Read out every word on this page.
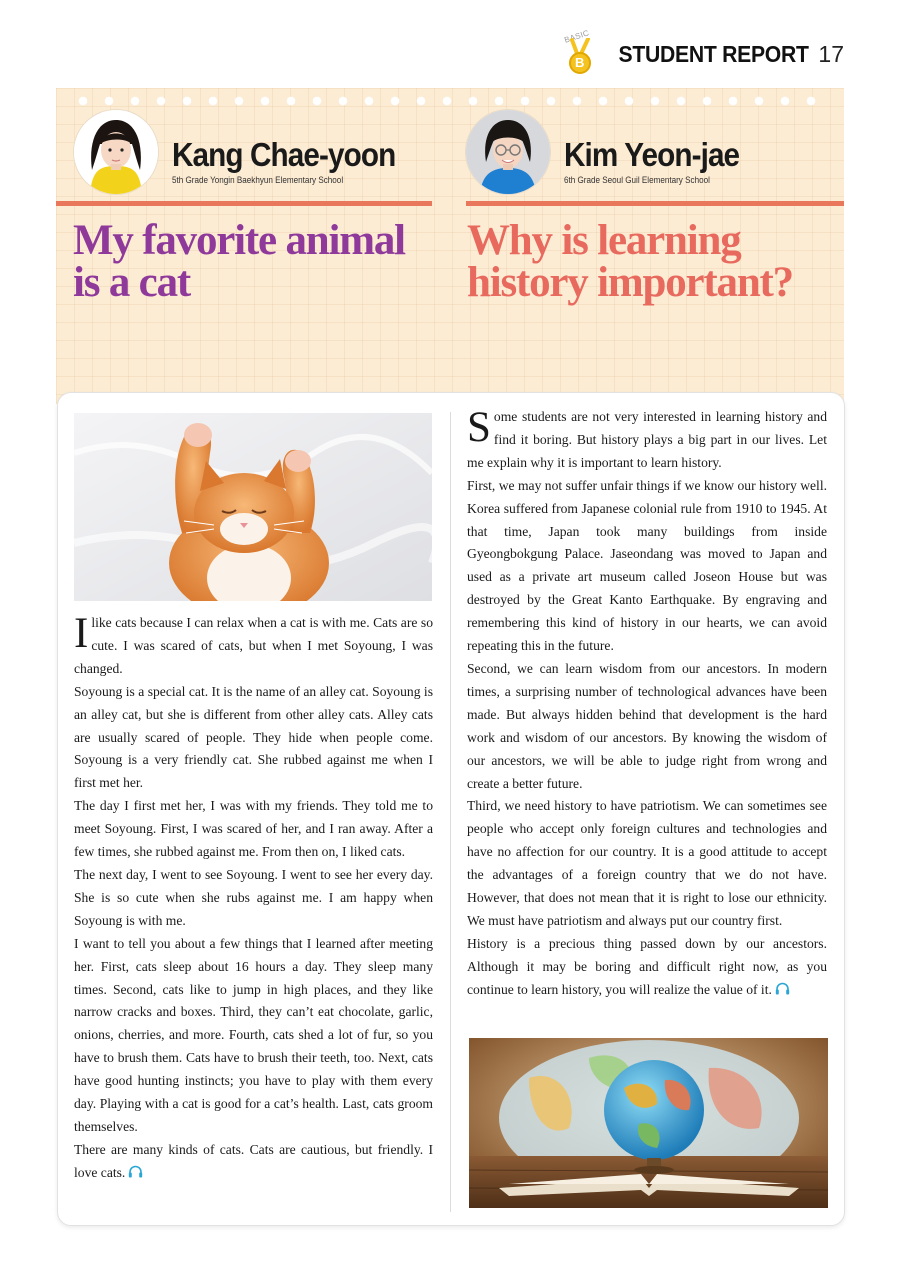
BASIC
B STUDENT REPORT 17
Kang Chae-yoon
5th Grade Yongin Baekhyun Elementary School
Kim Yeon-jae
6th Grade Seoul Guil Elementary School
My favorite animal
is a cat
Why is learning
history important?

I like cats because I can relax when a cat is with me. Cats are so cute. I was scared of cats, but when I met Soyoung, I was changed.

Soyoung is a special cat. It is the name of an alley cat. Soyoung is an alley cat, but she is different from other alley cats. Alley cats are usually scared of people. They hide when people come. Soyoung is a very friendly cat. She rubbed against me when I first met her.

The day I first met her, I was with my friends. They told me to meet Soyoung. First, I was scared of her, and I ran away. After a few times, she rubbed against me. From then on, I liked cats.

The next day, I went to see Soyoung. I went to see her every day. She is so cute when she rubs against me. I am happy when Soyoung is with me.

I want to tell you about a few things that I learned after meeting her. First, cats sleep about 16 hours a day. They sleep many times. Second, cats like to jump in high places, and they like narrow cracks and boxes. Third, they can’t eat chocolate, garlic, onions, cherries, and more. Fourth, cats shed a lot of fur, so you have to brush them. Cats have to brush their teeth, too. Next, cats have good hunting instincts; you have to play with them every day. Playing with a cat is good for a cat’s health. Last, cats groom themselves.

There are many kinds of cats. Cats are cautious, but friendly. I love cats.

Some students are not very interested in learning history and find it boring. But history plays a big part in our lives. Let me explain why it is important to learn history.

First, we may not suffer unfair things if we know our history well. Korea suffered from Japanese colonial rule from 1910 to 1945. At that time, Japan took many buildings from inside Gyeongbokgung Palace. Jaseondang was moved to Japan and used as a private art museum called Joseon House but was destroyed by the Great Kanto Earthquake. By engraving and remembering this kind of history in our hearts, we can avoid repeating this in the future.

Second, we can learn wisdom from our ancestors. In modern times, a surprising number of technological advances have been made. But always hidden behind that development is the hard work and wisdom of our ancestors. By knowing the wisdom of our ancestors, we will be able to judge right from wrong and create a better future.

Third, we need history to have patriotism. We can sometimes see people who accept only foreign cultures and technologies and have no affection for our country. It is a good attitude to accept the advantages of a foreign country that we do not have. However, that does not mean that it is right to lose our ethnicity. We must have patriotism and always put our country first.

History is a precious thing passed down by our ancestors. Although it may be boring and difficult right now, as you continue to learn history, you will realize the value of it.
